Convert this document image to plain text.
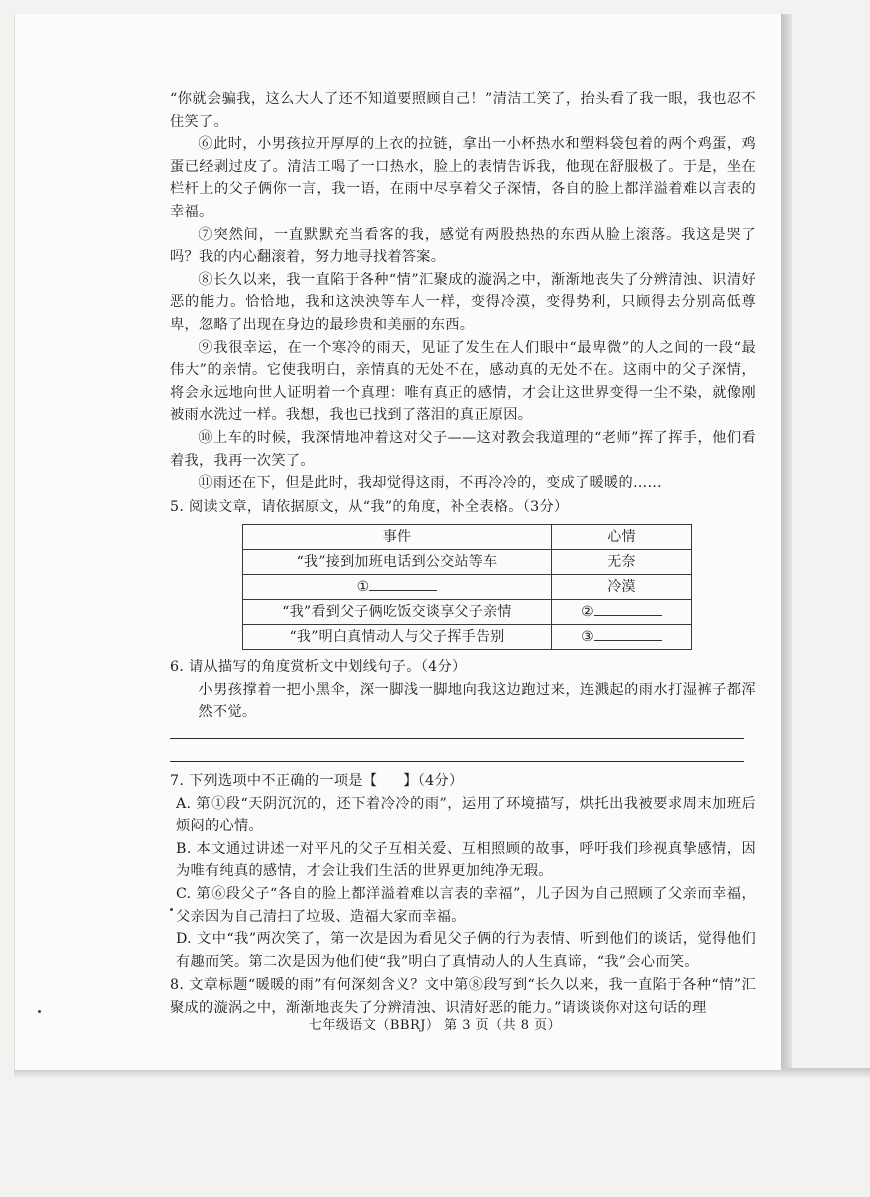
“你就会骗我，这么大人了还不知道要照顾自己！”清洁工笑了，抬头看了我一眼，我也忍不住笑了。

⑥此时，小男孩拉开厚厚的上衣的拉链，拿出一小杯热水和塑料袋包着的两个鸡蛋，鸡蛋已经剥过皮了。清洁工喝了一口热水，脸上的表情告诉我，他现在舒服极了。于是，坐在栏杆上的父子俩你一言，我一语，在雨中尽享着父子深情，各自的脸上都洋溢着难以言表的幸福。

⑦突然间，一直默默充当看客的我，感觉有两股热热的东西从脸上滚落。我这是哭了吗？我的内心翻滚着，努力地寻找着答案。

⑧长久以来，我一直陷于各种“情”汇聚成的漩涡之中，渐渐地丧失了分辨清浊、识清好恶的能力。恰恰地，我和这泱泱等车人一样，变得冷漠，变得势利，只顾得去分别高低尊卑，忽略了出现在身边的最珍贵和美丽的东西。

⑨我很幸运，在一个寒冷的雨天，见证了发生在人们眼中“最卑微”的人之间的一段“最伟大”的亲情。它使我明白，亲情真的无处不在，感动真的无处不在。这雨中的父子深情，将会永远地向世人证明着一个真理：唯有真正的感情，才会让这世界变得一尘不染，就像刚被雨水洗过一样。我想，我也已找到了落泪的真正原因。

⑩上车的时候，我深情地冲着这对父子——这对教会我道理的“老师”挥了挥手，他们看着我，我再一次笑了。

⑪雨还在下，但是此时，我却觉得这雨，不再冷冷的，变成了暖暖的……

5. 阅读文章，请依据原文，从“我”的角度，补全表格。（3分）

事件	心情
“我”接到加班电话到公交站等车	无奈
①	冷漠
“我”看到父子俩吃饭交谈享父子亲情	②
“我”明白真情动人与父子挥手告别	③

6. 请从描写的角度赏析文中划线句子。（4分）

小男孩撑着一把小黑伞，深一脚浅一脚地向我这边跑过来，连溅起的雨水打湿裤子都浑然不觉。

7. 下列选项中不正确的一项是【 】（4分）

A. 第①段“天阴沉沉的，还下着冷冷的雨”，运用了环境描写，烘托出我被要求周末加班后烦闷的心情。

B. 本文通过讲述一对平凡的父子互相关爱、互相照顾的故事，呼吁我们珍视真挚感情，因为唯有纯真的感情，才会让我们生活的世界更加纯净无瑕。

C. 第⑥段父子“各自的脸上都洋溢着难以言表的幸福”，儿子因为自己照顾了父亲而幸福，父亲因为自己清扫了垃圾、造福大家而幸福。

D. 文中“我”两次笑了，第一次是因为看见父子俩的行为表情、听到他们的谈话，觉得他们有趣而笑。第二次是因为他们使“我”明白了真情动人的人生真谛，“我”会心而笑。

8. 文章标题“暖暖的雨”有何深刻含义？文中第⑧段写到“长久以来，我一直陷于各种“情”汇聚成的漩涡之中，渐渐地丧失了分辨清浊、识清好恶的能力。”请谈谈你对这句话的理

七年级语文（BBRJ） 第 3 页（共 8 页）
